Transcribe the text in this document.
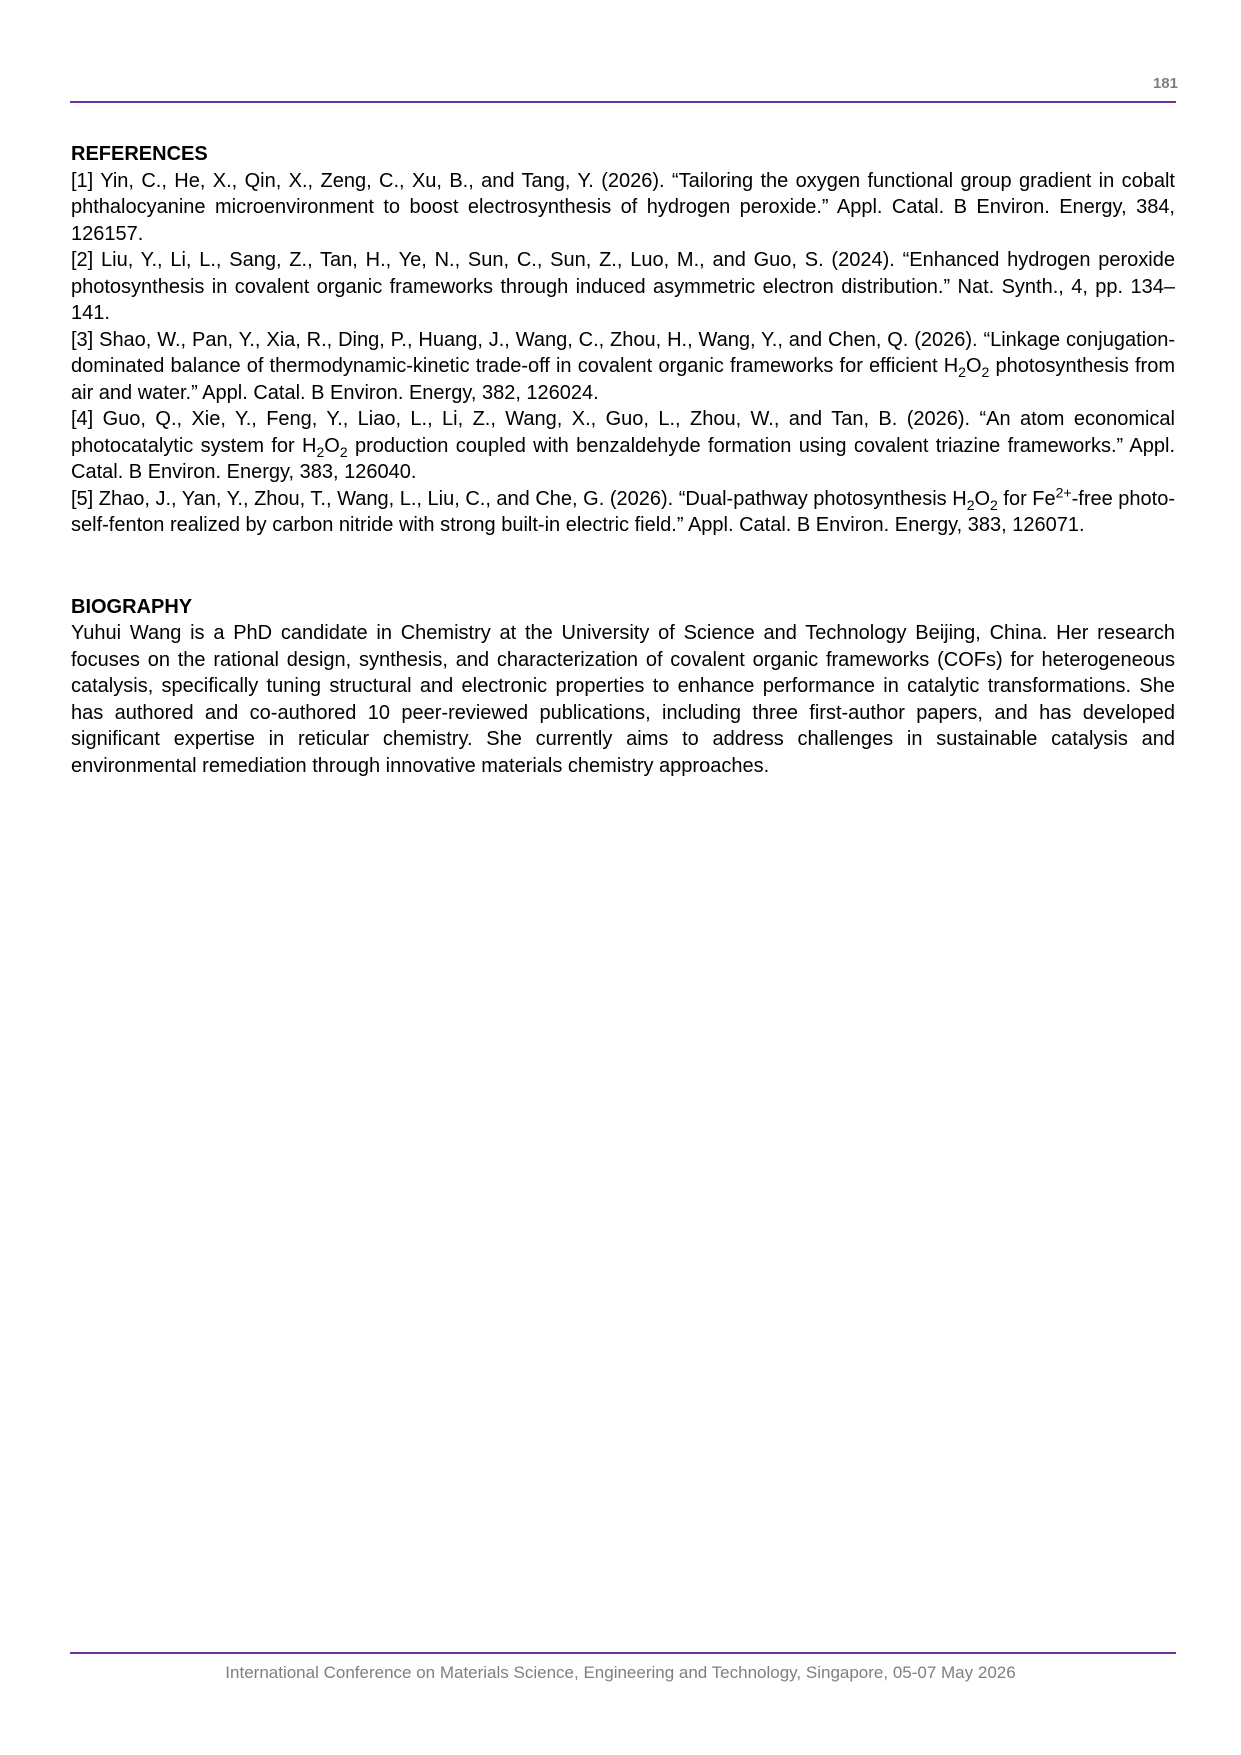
181

REFERENCES

[1] Yin, C., He, X., Qin, X., Zeng, C., Xu, B., and Tang, Y. (2026). “Tailoring the oxygen functional group gradient in cobalt phthalocyanine microenvironment to boost electrosynthesis of hydrogen peroxide.” Appl. Catal. B Environ. Energy, 384, 126157.

[2] Liu, Y., Li, L., Sang, Z., Tan, H., Ye, N., Sun, C., Sun, Z., Luo, M., and Guo, S. (2024). “Enhanced hydrogen peroxide photosynthesis in covalent organic frameworks through induced asymmetric electron distribution.” Nat. Synth., 4, pp. 134–141.

[3] Shao, W., Pan, Y., Xia, R., Ding, P., Huang, J., Wang, C., Zhou, H., Wang, Y., and Chen, Q. (2026). “Linkage conjugation-dominated balance of thermodynamic-kinetic trade-off in covalent organic frameworks for efficient $H_2O_2$ photosynthesis from air and water.” Appl. Catal. B Environ. Energy, 382, 126024.

[4] Guo, Q., Xie, Y., Feng, Y., Liao, L., Li, Z., Wang, X., Guo, L., Zhou, W., and Tan, B. (2026). “An atom economical photocatalytic system for $H_2O_2$ production coupled with benzaldehyde formation using covalent triazine frameworks.” Appl. Catal. B Environ. Energy, 383, 126040.

[5] Zhao, J., Yan, Y., Zhou, T., Wang, L., Liu, C., and Che, G. (2026). “Dual-pathway photosynthesis $H_2O_2$ for $Fe^{2+}$-free photo-self-fenton realized by carbon nitride with strong built-in electric field.” Appl. Catal. B Environ. Energy, 383, 126071.

BIOGRAPHY

Yuhui Wang is a PhD candidate in Chemistry at the University of Science and Technology Beijing, China. Her research focuses on the rational design, synthesis, and characterization of covalent organic frameworks (COFs) for heterogeneous catalysis, specifically tuning structural and electronic properties to enhance performance in catalytic transformations. She has authored and co-authored 10 peer-reviewed publications, including three first-author papers, and has developed significant expertise in reticular chemistry. She currently aims to address challenges in sustainable catalysis and environmental remediation through innovative materials chemistry approaches.

International Conference on Materials Science, Engineering and Technology, Singapore, 05-07 May 2026
